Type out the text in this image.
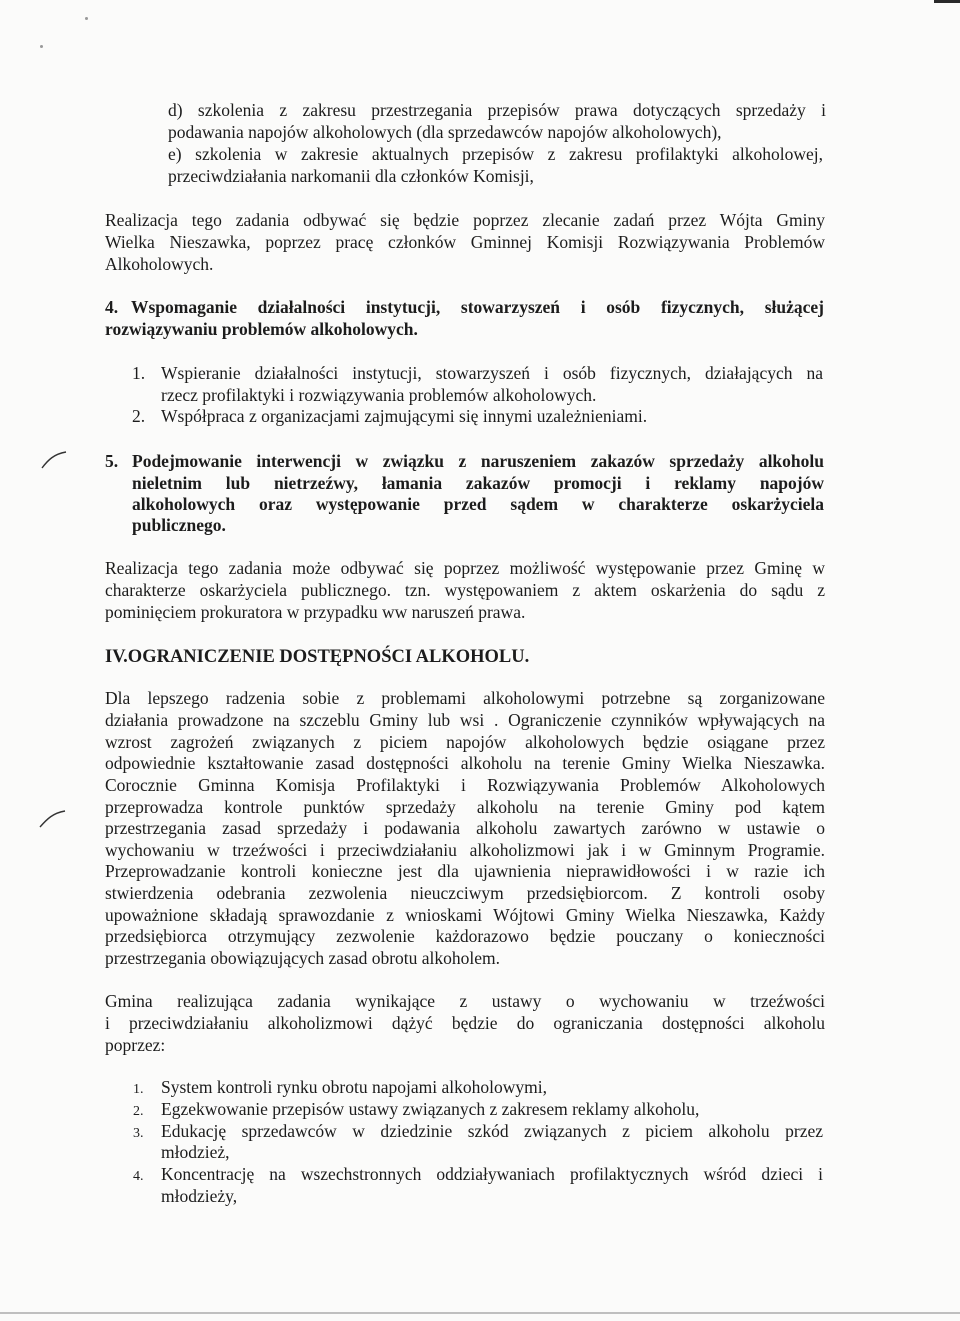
d) szkolenia z zakresu przestrzegania przepisów prawa dotyczących sprzedaży i
podawania napojów alkoholowych (dla sprzedawców napojów alkoholowych),
e) szkolenia w zakresie aktualnych przepisów z zakresu profilaktyki alkoholowej,
przeciwdziałania narkomanii dla członków Komisji,
Realizacja tego zadania odbywać się będzie poprzez zlecanie zadań przez Wójta Gminy
Wielka Nieszawka, poprzez pracę członków Gminnej Komisji Rozwiązywania Problemów
Alkoholowych.
4. Wspomaganie działalności instytucji, stowarzyszeń i osób fizycznych, służącej
rozwiązywaniu problemów alkoholowych.
1. Wspieranie działalności instytucji, stowarzyszeń i osób fizycznych, działających na
rzecz profilaktyki i rozwiązywania problemów alkoholowych.
2. Współpraca z organizacjami zajmującymi się innymi uzależnieniami.
5. Podejmowanie interwencji w związku z naruszeniem zakazów sprzedaży alkoholu
nieletnim lub nietrzeźwy, łamania zakazów promocji i reklamy napojów
alkoholowych oraz występowanie przed sądem w charakterze oskarżyciela
publicznego.
Realizacja tego zadania może odbywać się poprzez możliwość występowanie przez Gminę w
charakterze oskarżyciela publicznego. tzn. występowaniem z aktem oskarżenia do sądu z
pominięciem prokuratora w przypadku ww naruszeń prawa.
IV.OGRANICZENIE DOSTĘPNOŚCI ALKOHOLU.
Dla lepszego radzenia sobie z problemami alkoholowymi potrzebne są zorganizowane
działania prowadzone na szczeblu Gminy lub wsi . Ograniczenie czynników wpływających na
wzrost zagrożeń związanych z piciem napojów alkoholowych będzie osiągane przez
odpowiednie kształtowanie zasad dostępności alkoholu na terenie Gminy Wielka Nieszawka.
Corocznie Gminna Komisja Profilaktyki i Rozwiązywania Problemów Alkoholowych
przeprowadza kontrole punktów sprzedaży alkoholu na terenie Gminy pod kątem
przestrzegania zasad sprzedaży i podawania alkoholu zawartych zarówno w ustawie o
wychowaniu w trzeźwości i przeciwdziałaniu alkoholizmowi jak i w Gminnym Programie.
Przeprowadzanie kontroli konieczne jest dla ujawnienia nieprawidłowości i w razie ich
stwierdzenia odebrania zezwolenia nieuczciwym przedsiębiorcom. Z kontroli osoby
upoważnione składają sprawozdanie z wnioskami Wójtowi Gminy Wielka Nieszawka, Każdy
przedsiębiorca otrzymujący zezwolenie każdorazowo będzie pouczany o konieczności
przestrzegania obowiązujących zasad obrotu alkoholem.
Gmina realizująca zadania wynikające z ustawy o wychowaniu w trzeźwości
i przeciwdziałaniu alkoholizmowi dążyć będzie do ograniczania dostępności alkoholu
poprzez:
1. System kontroli rynku obrotu napojami alkoholowymi,
2. Egzekwowanie przepisów ustawy związanych z zakresem reklamy alkoholu,
3. Edukację sprzedawców w dziedzinie szkód związanych z piciem alkoholu przez
młodzież,
4. Koncentrację na wszechstronnych oddziaływaniach profilaktycznych wśród dzieci i
młodzieży,
